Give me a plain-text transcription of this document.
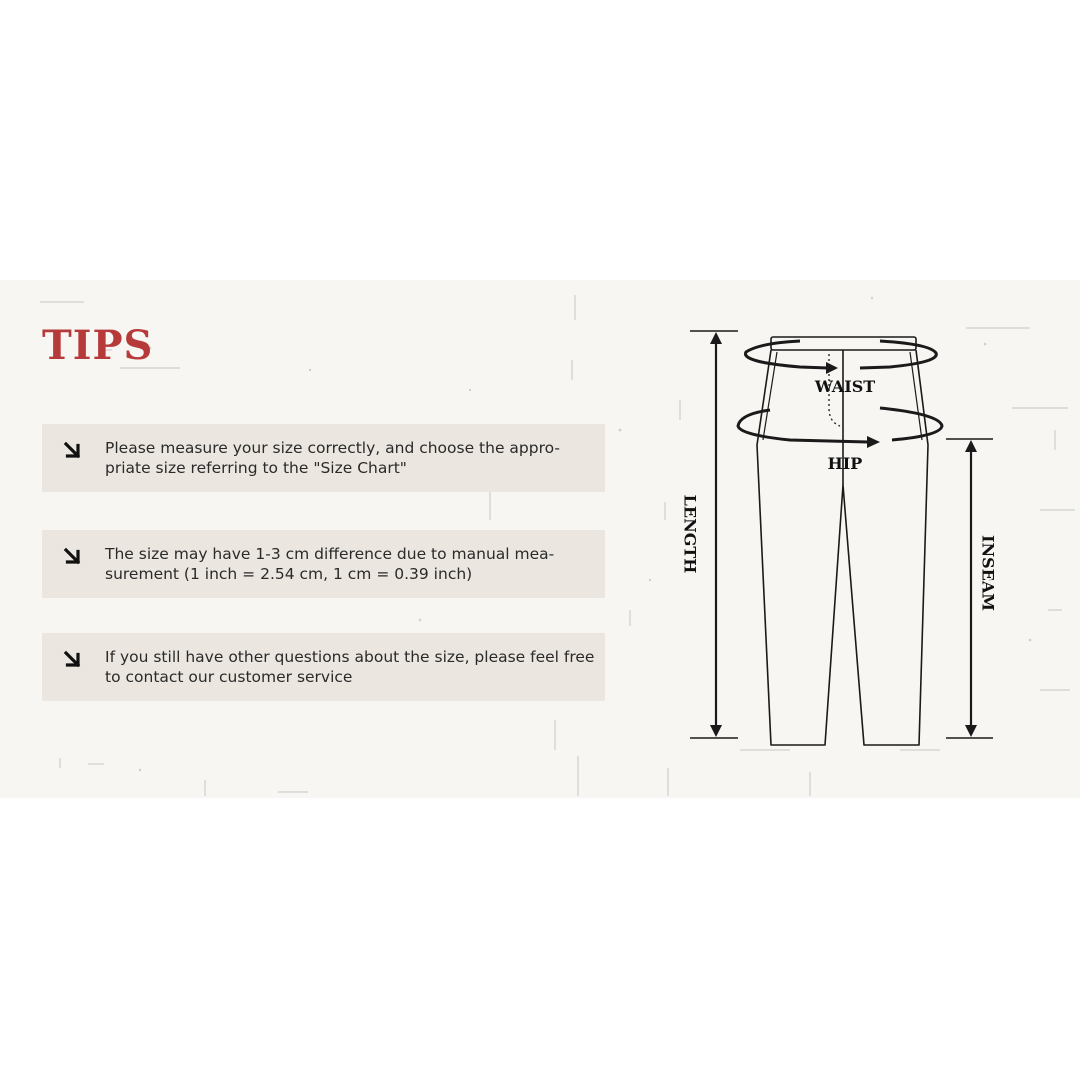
TIPS
Please measure your size correctly, and choose the appro-priate size referring to the "Size Chart"
The size may have 1-3 cm difference due to manual mea-surement (1 inch = 2.54 cm, 1 cm = 0.39 inch)
If you still have other questions about the size, please feel free to contact our customer service
WAIST
HIP
LENGTH	INSEAM
